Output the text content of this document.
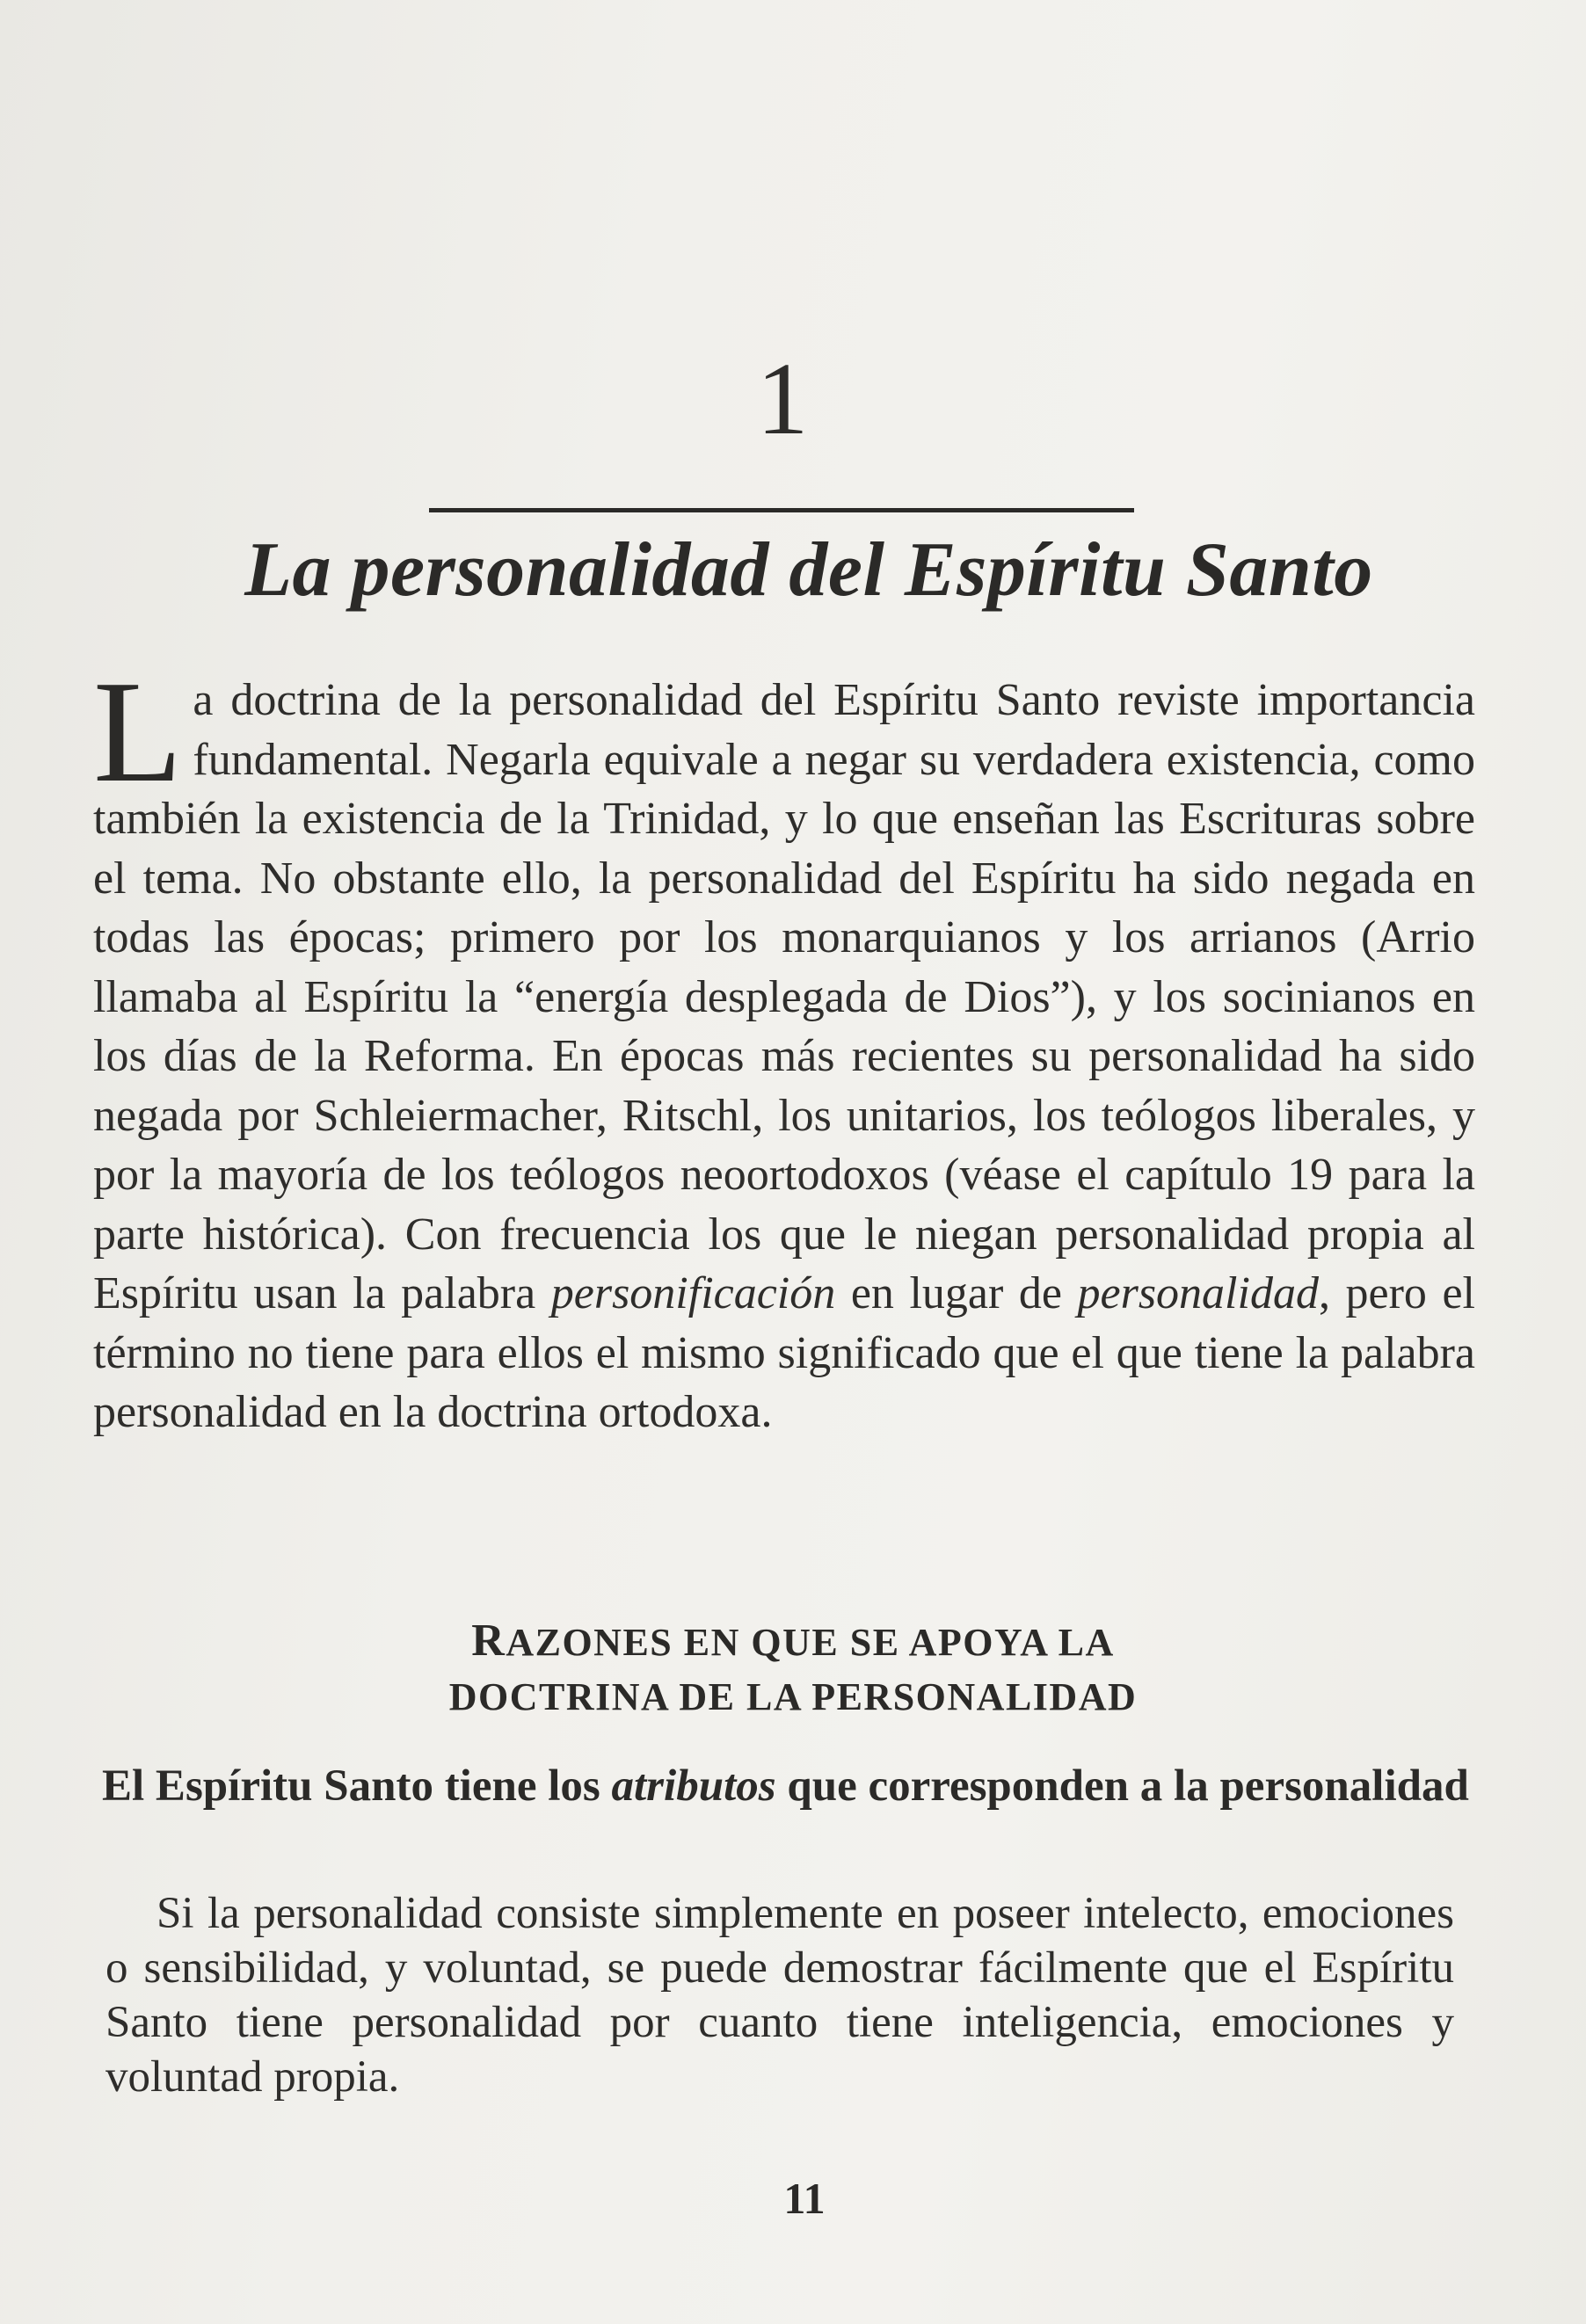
1
La personalidad del Espíritu Santo

La doctrina de la personalidad del Espíritu Santo reviste importancia fundamental. Negarla equivale a negar su verdadera existencia, como también la existencia de la Trinidad, y lo que enseñan las Escrituras sobre el tema. No obstante ello, la personalidad del Espíritu ha sido negada en todas las épocas; primero por los monarquianos y los arrianos (Arrio llamaba al Espíritu la “energía desplegada de Dios”), y los socinianos en los días de la Reforma. En épocas más recientes su personalidad ha sido negada por Schleiermacher, Ritschl, los unitarios, los teólogos liberales, y por la mayoría de los teólogos neoortodoxos (véase el capítulo 19 para la parte histórica). Con frecuencia los que le niegan personalidad propia al Espíritu usan la palabra personificación en lugar de personalidad, pero el término no tiene para ellos el mismo significado que el que tiene la palabra personalidad en la doctrina ortodoxa.

RAZONES EN QUE SE APOYA LA
DOCTRINA DE LA PERSONALIDAD
El Espíritu Santo tiene los atributos que corresponden a la personalidad

Si la personalidad consiste simplemente en poseer intelecto, emociones o sensibilidad, y voluntad, se puede demostrar fácilmente que el Espíritu Santo tiene personalidad por cuanto tiene inteligencia, emociones y voluntad propia.

11
